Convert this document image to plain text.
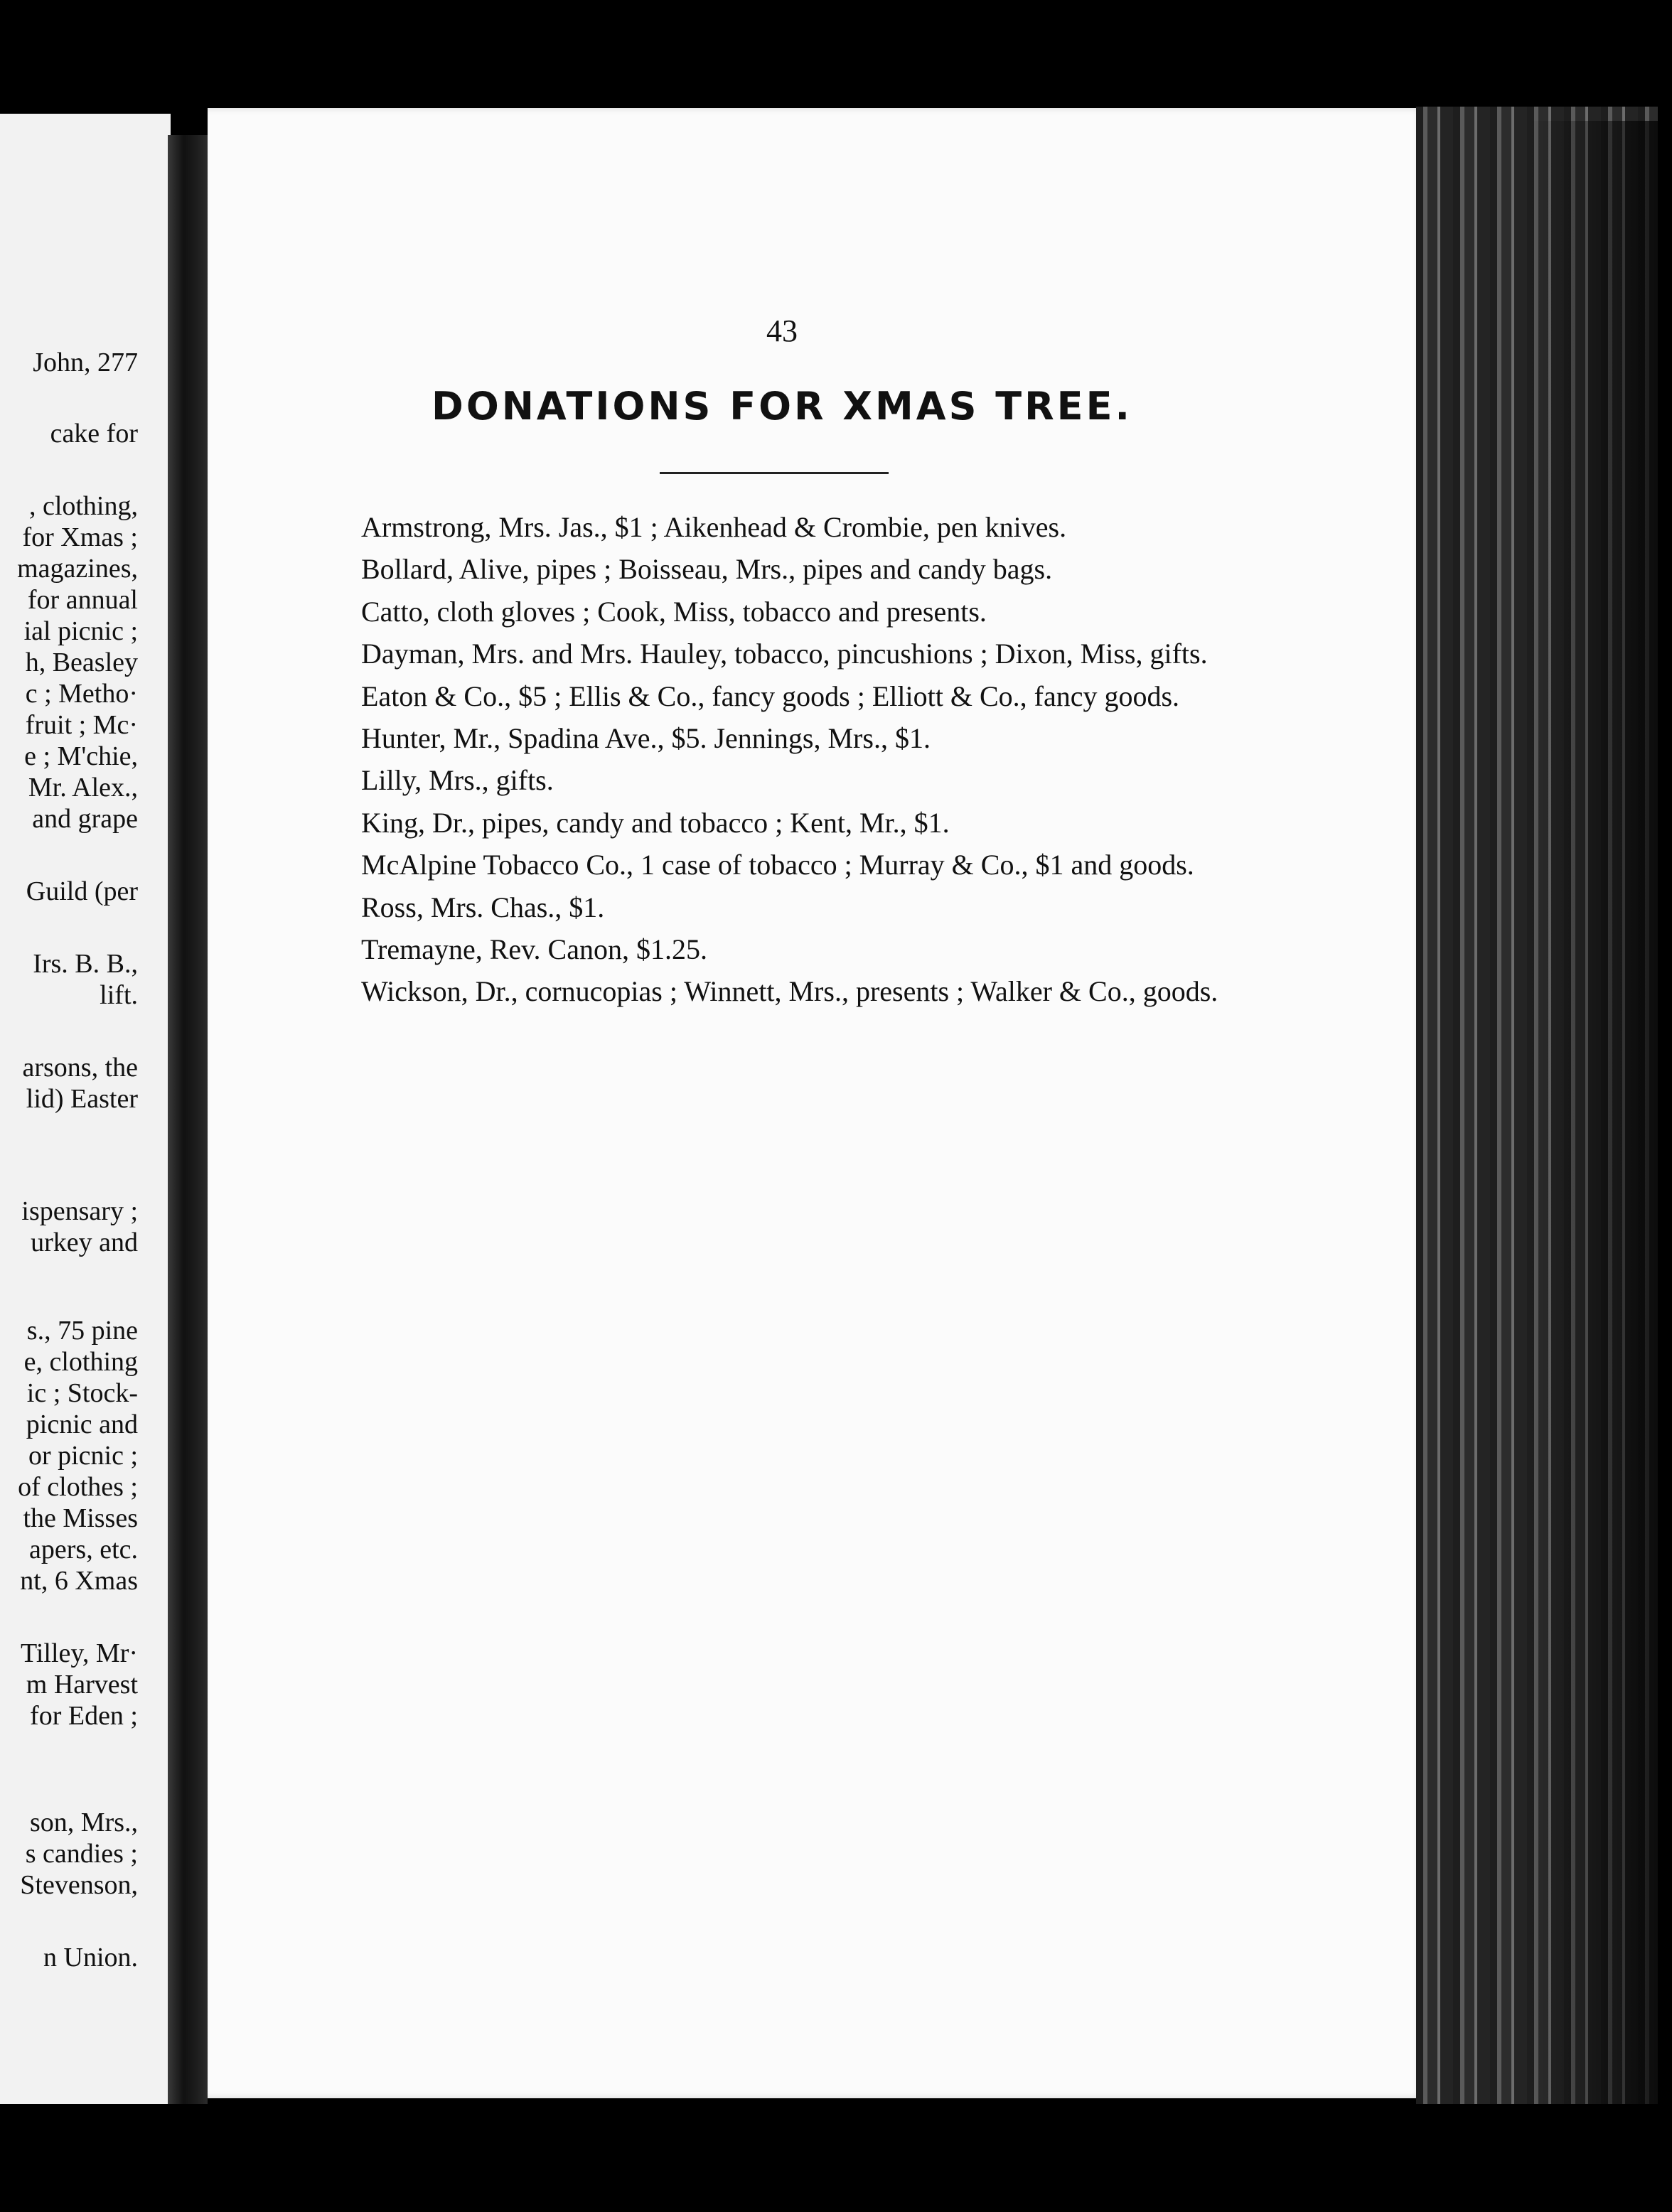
John, 277
cake for
, clothing,
for Xmas ;
magazines,
for annual
ial picnic ;
h, Beasley
c ; Metho·
fruit ; Mc·
e ; M'chie,
Mr. Alex.,
and grape
Guild (per
Irs. B. B.,
lift.
arsons, the
lid) Easter
ispensary ;
urkey and
s., 75 pine
e, clothing
ic ; Stock-
picnic and
or picnic ;
of clothes ;
the Misses
apers, etc.
nt, 6 Xmas
Tilley, Mr·
m Harvest
for Eden ;
son, Mrs.,
s candies ;
Stevenson,
n Union.
43
DONATIONS FOR XMAS TREE.
Armstrong, Mrs. Jas., $1 ; Aikenhead & Crombie, pen knives.
Bollard, Alive, pipes ; Boisseau, Mrs., pipes and candy bags.
Catto, cloth gloves ; Cook, Miss, tobacco and presents.
Dayman, Mrs. and Mrs. Hauley, tobacco, pincushions ; Dixon, Miss, gifts.
Eaton & Co., $5 ; Ellis & Co., fancy goods ; Elliott & Co., fancy goods.
Hunter, Mr., Spadina Ave., $5. Jennings, Mrs., $1.
Lilly, Mrs., gifts.
King, Dr., pipes, candy and tobacco ; Kent, Mr., $1.
McAlpine Tobacco Co., 1 case of tobacco ; Murray & Co., $1 and goods.
Ross, Mrs. Chas., $1.
Tremayne, Rev. Canon, $1.25.
Wickson, Dr., cornucopias ; Winnett, Mrs., presents ; Walker & Co., goods.
